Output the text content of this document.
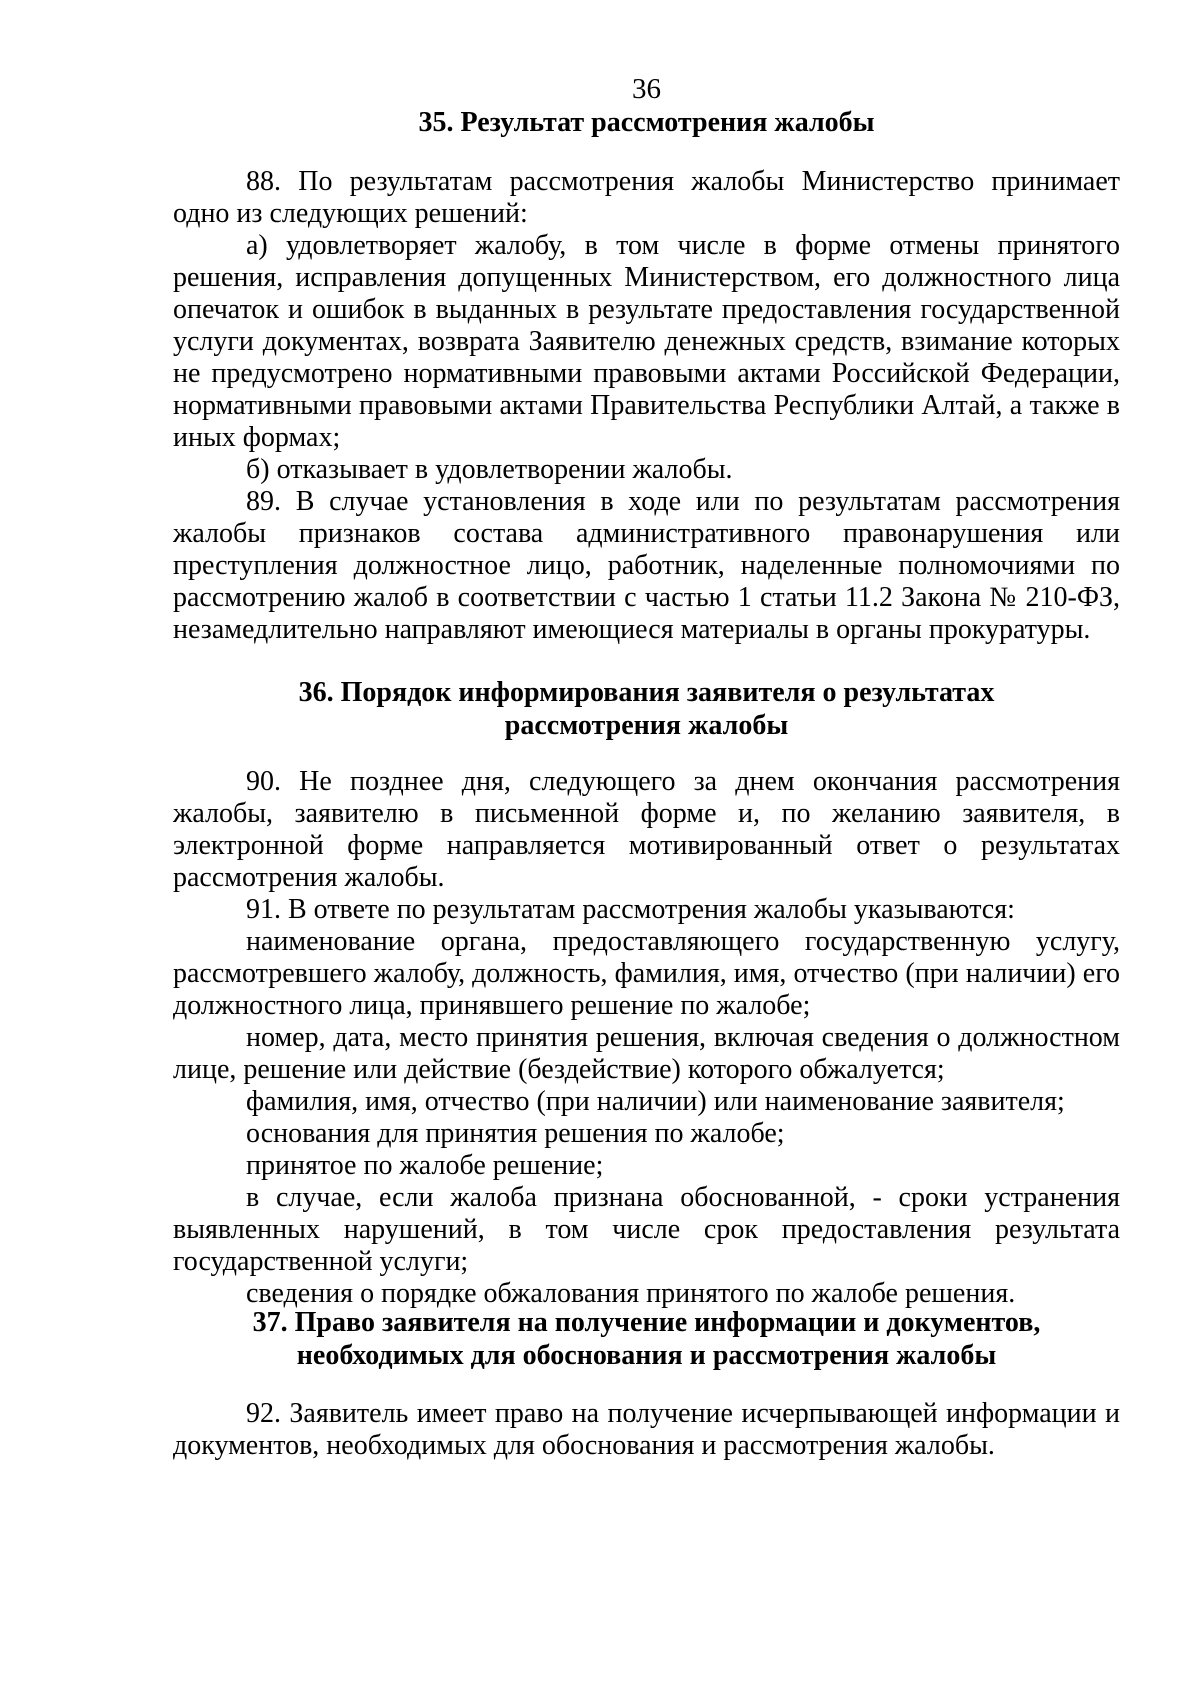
36
35. Результат рассмотрения жалобы

88. По результатам рассмотрения жалобы Министерство принимает одно из следующих решений:

а) удовлетворяет жалобу, в том числе в форме отмены принятого решения, исправления допущенных Министерством, его должностного лица опечаток и ошибок в выданных в результате предоставления государственной услуги документах, возврата Заявителю денежных средств, взимание которых не предусмотрено нормативными правовыми актами Российской Федерации, нормативными правовыми актами Правительства Республики Алтай, а также в иных формах;

б) отказывает в удовлетворении жалобы.

89. В случае установления в ходе или по результатам рассмотрения жалобы признаков состава административного правонарушения или преступления должностное лицо, работник, наделенные полномочиями по рассмотрению жалоб в соответствии с частью 1 статьи 11.2 Закона № 210-ФЗ, незамедлительно направляют имеющиеся материалы в органы прокуратуры.

36. Порядок информирования заявителя о результатах
рассмотрения жалобы

90. Не позднее дня, следующего за днем окончания рассмотрения жалобы, заявителю в письменной форме и, по желанию заявителя, в электронной форме направляется мотивированный ответ о результатах рассмотрения жалобы.

91. В ответе по результатам рассмотрения жалобы указываются:

наименование органа, предоставляющего государственную услугу, рассмотревшего жалобу, должность, фамилия, имя, отчество (при наличии) его должностного лица, принявшего решение по жалобе;

номер, дата, место принятия решения, включая сведения о должностном лице, решение или действие (бездействие) которого обжалуется;

фамилия, имя, отчество (при наличии) или наименование заявителя;

основания для принятия решения по жалобе;

принятое по жалобе решение;

в случае, если жалоба признана обоснованной, - сроки устранения выявленных нарушений, в том числе срок предоставления результата государственной услуги;

сведения о порядке обжалования принятого по жалобе решения.

37. Право заявителя на получение информации и документов,
необходимых для обоснования и рассмотрения жалобы

92. Заявитель имеет право на получение исчерпывающей информации и документов, необходимых для обоснования и рассмотрения жалобы.
